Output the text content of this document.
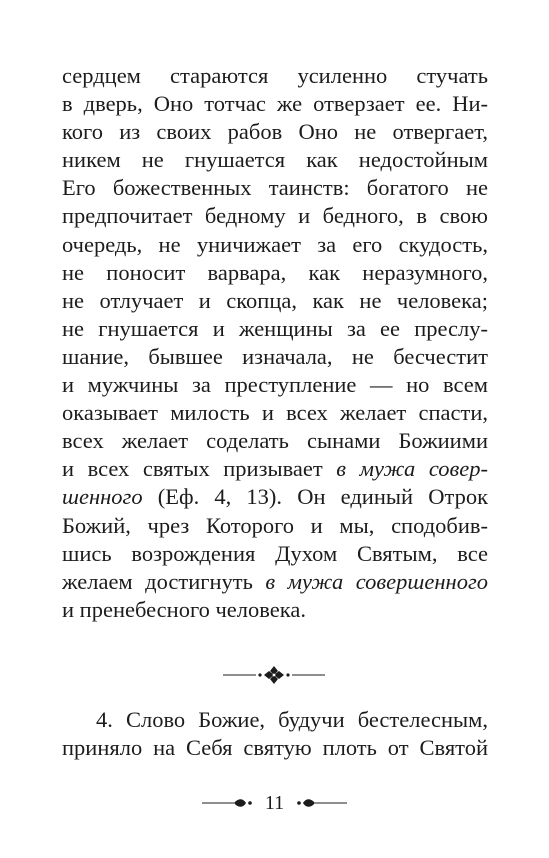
сердцем стараются усиленно стучать
в дверь, Оно тотчас же отверзает ее. Ни-
кого из своих рабов Оно не отвергает,
никем не гнушается как недостойным
Его божественных таинств: богатого не
предпочитает бедному и бедного, в свою
очередь, не уничижает за его скудость,
не поносит варвара, как неразумного,
не отлучает и скопца, как не человека;
не гнушается и женщины за ее преслу-
шание, бывшее изначала, не бесчестит
и мужчины за преступление — но всем
оказывает милость и всех желает спасти,
всех желает соделать сынами Божиими
и всех святых призывает в мужа совер-
шенного (Еф. 4, 13). Он единый Отрок
Божий, чрез Которого и мы, сподобив-
шись возрождения Духом Святым, все
желаем достигнуть в мужа совершенного
и пренебесного человека.
4. Слово Божие, будучи бестелесным,
приняло на Себя святую плоть от Святой
11
